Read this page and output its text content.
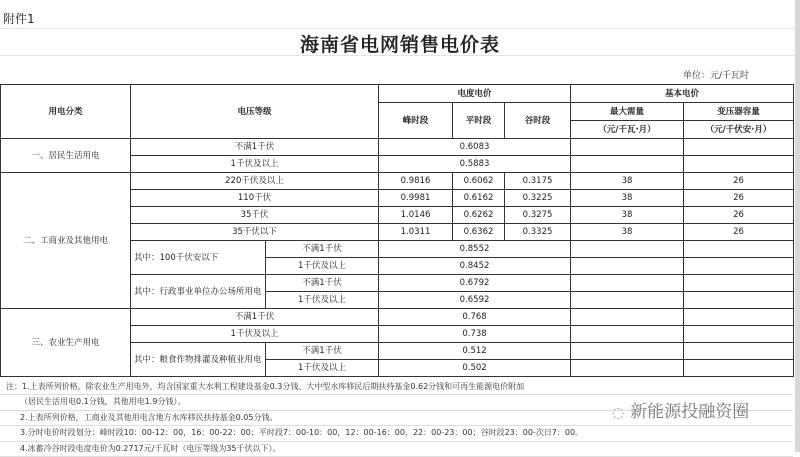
附件1
海南省电网销售电价表
单位：元/千瓦时
用电分类	电压等级		电度电价			基本电价	
			峰时段	平时段	谷时段	最大需量	变压器容量
						（元/千瓦·月）	（元/千伏安·月）
一、居民生活用电	不满1千伏		0.6083				
	1千伏及以上		0.5883				
二、工商业及其他用电	220千伏及以上		0.9816	0.6062	0.3175	38	26
	110千伏		0.9981	0.6162	0.3225	38	26
	35千伏		1.0146	0.6262	0.3275	38	26
	35千伏以下		1.0311	0.6362	0.3325	38	26
	其中：100千伏安以下	不满1千伏	0.8552				
		1千伏及以上	0.8452				
	其中：行政事业单位办公场所用电	不满1千伏	0.6792				
		1千伏及以上	0.6592				
三、农业生产用电	不满1千伏		0.768				
	1千伏及以上		0.738				
	其中：粮食作物排灌及种植业用电	不满1千伏	0.512				
		1千伏及以上	0.502				
注：1.上表所列价格，除农业生产用电外，均含国家重大水利工程建设基金0.3分钱、大中型水库移民后期扶持基金0.62分钱和可再生能源电价附加
（居民生活用电0.1分钱，其他用电1.9分钱）。
2.上表所列价格，工商业及其他用电含地方水库移民扶持基金0.05分钱。
3.分时电价时段划分：峰时段10：00-12：00，16：00-22：00；平时段7：00-10：00，12：00-16：00，22：00-23：00；谷时段23：00-次日7：00。
4.冰蓄冷谷时段电度电价为0.2717元/千瓦时（电压等级为35千伏以下）。
◌ 新能源投融资圈
